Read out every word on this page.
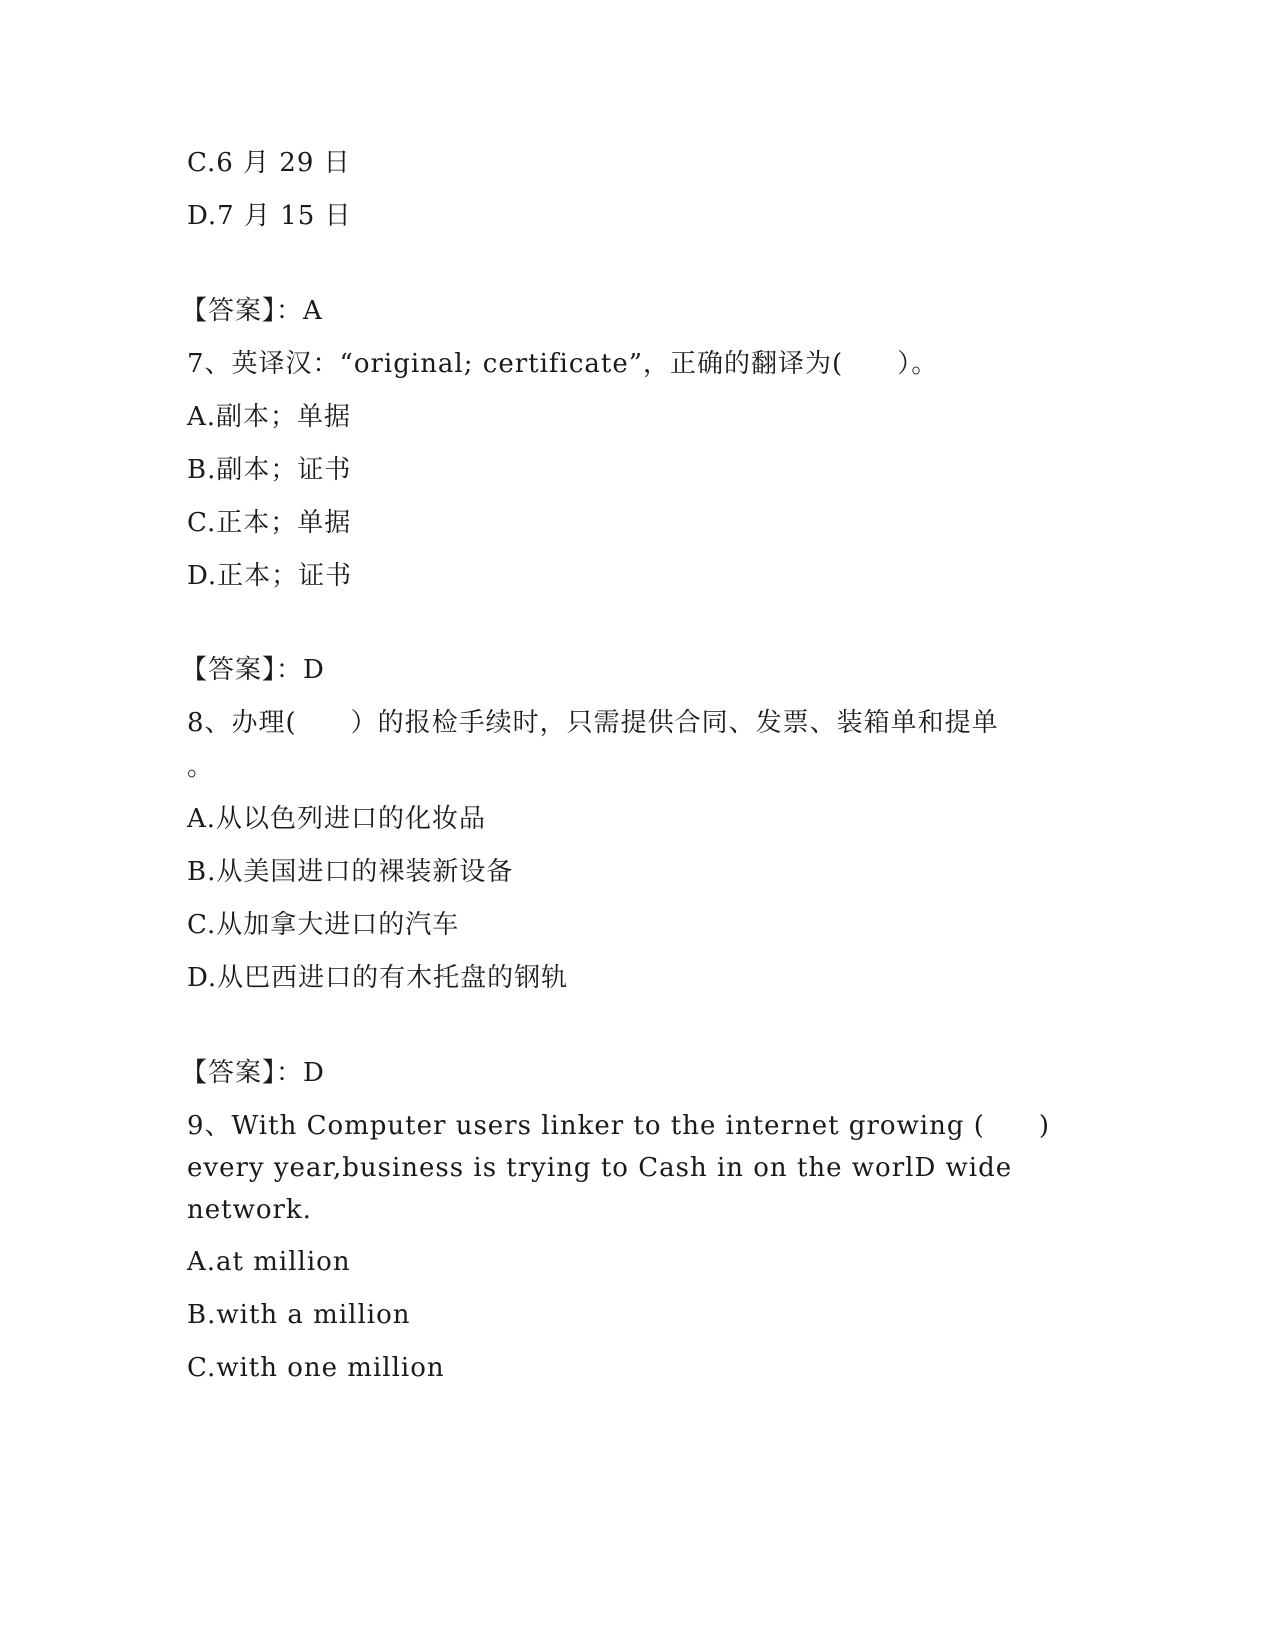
C.6 月 29 日
D.7 月 15 日
【答案】：A
7、英译汉：“original; certificate”，正确的翻译为(　　）。
A.副本；单据
B.副本；证书
C.正本；单据
D.正本；证书
【答案】：D
8、办理(　　）的报检手续时，只需提供合同、发票、装箱单和提单
。
A.从以色列进口的化妆品
B.从美国进口的裸装新设备
C.从加拿大进口的汽车
D.从巴西进口的有木托盘的钢轨
【答案】：D
9、With Computer users linker to the internet growing (　　)
every year,business is trying to Cash in on the worlD wide
network.
A.at million
B.with a million
C.with one million
